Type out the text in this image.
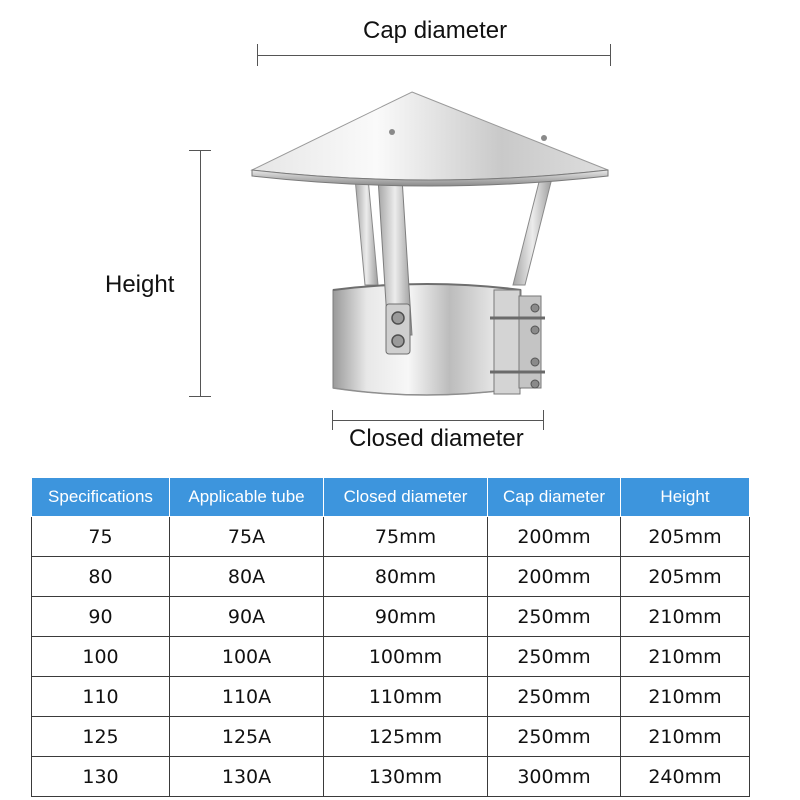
Cap diameter
Height
Closed diameter
Specifications	Applicable tube	Closed diameter	Cap diameter	Height
75	75A	75mm	200mm	205mm
80	80A	80mm	200mm	205mm
90	90A	90mm	250mm	210mm
100	100A	100mm	250mm	210mm
110	110A	110mm	250mm	210mm
125	125A	125mm	250mm	210mm
130	130A	130mm	300mm	240mm
